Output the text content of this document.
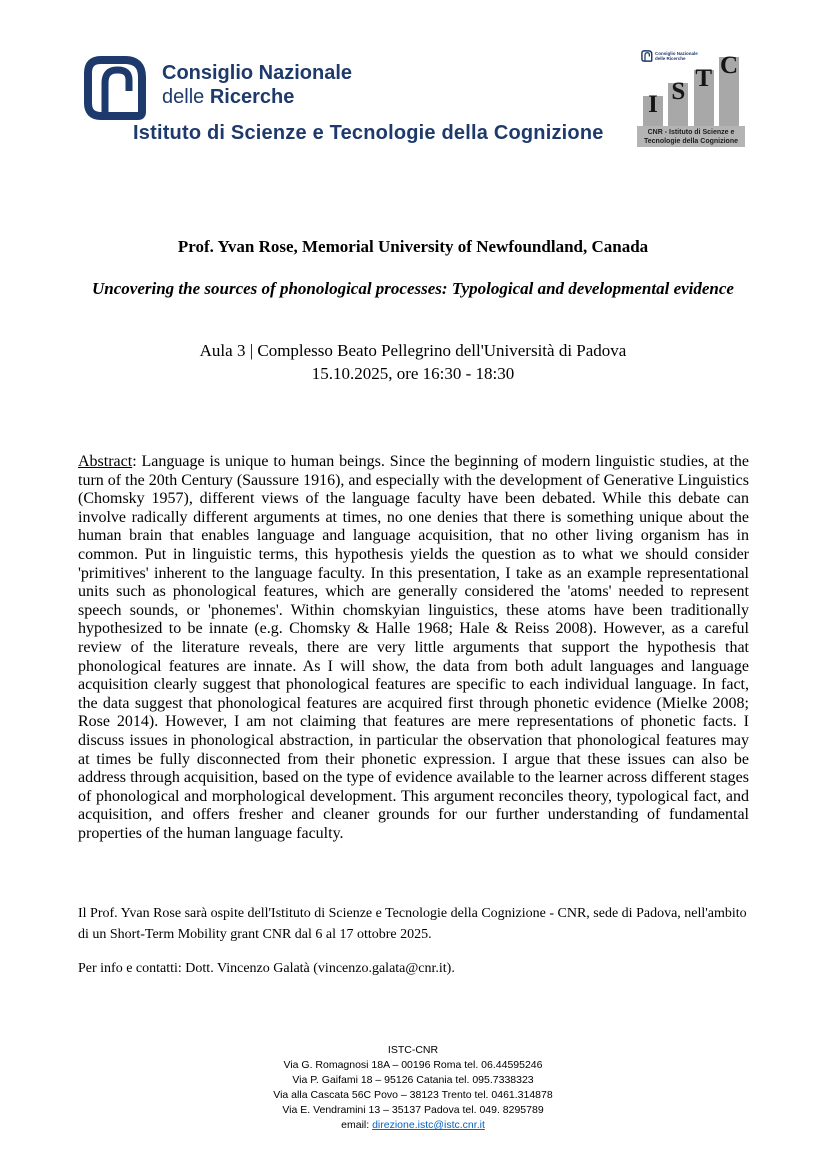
Consiglio Nazionale
delle Ricerche
Istituto di Scienze e Tecnologie della Cognizione
Consiglio Nazionale
delle Ricerche
I S T C
CNR - Istituto di Scienze e
Tecnologie della Cognizione
Prof. Yvan Rose, Memorial University of Newfoundland, Canada
Uncovering the sources of phonological processes: Typological and developmental evidence
Aula 3 | Complesso Beato Pellegrino dell'Università di Padova
15.10.2025, ore 16:30 - 18:30

Abstract: Language is unique to human beings. Since the beginning of modern linguistic studies, at the turn of the 20th Century (Saussure 1916), and especially with the development of Generative Linguistics (Chomsky 1957), different views of the language faculty have been debated. While this debate can involve radically different arguments at times, no one denies that there is something unique about the human brain that enables language and language acquisition, that no other living organism has in common. Put in linguistic terms, this hypothesis yields the question as to what we should consider 'primitives' inherent to the language faculty. In this presentation, I take as an example representational units such as phonological features, which are generally considered the 'atoms' needed to represent speech sounds, or 'phonemes'. Within chomskyian linguistics, these atoms have been traditionally hypothesized to be innate (e.g. Chomsky & Halle 1968; Hale & Reiss 2008). However, as a careful review of the literature reveals, there are very little arguments that support the hypothesis that phonological features are innate. As I will show, the data from both adult languages and language acquisition clearly suggest that phonological features are specific to each individual language. In fact, the data suggest that phonological features are acquired first through phonetic evidence (Mielke 2008; Rose 2014). However, I am not claiming that features are mere representations of phonetic facts. I discuss issues in phonological abstraction, in particular the observation that phonological features may at times be fully disconnected from their phonetic expression. I argue that these issues can also be address through acquisition, based on the type of evidence available to the learner across different stages of phonological and morphological development. This argument reconciles theory, typological fact, and acquisition, and offers fresher and cleaner grounds for our further understanding of fundamental properties of the human language faculty.

Il Prof. Yvan Rose sarà ospite dell'Istituto di Scienze e Tecnologie della Cognizione - CNR, sede di Padova, nell'ambito di un Short-Term Mobility grant CNR dal 6 al 17 ottobre 2025.
Per info e contatti: Dott. Vincenzo Galatà (vincenzo.galata@cnr.it).
ISTC-CNR
Via G. Romagnosi 18A – 00196 Roma tel. 06.44595246
Via P. Gaifami 18 – 95126 Catania tel. 095.7338323
Via alla Cascata 56C Povo – 38123 Trento tel. 0461.314878
Via E. Vendramini 13 – 35137 Padova tel. 049. 8295789
email: direzione.istc@istc.cnr.it
